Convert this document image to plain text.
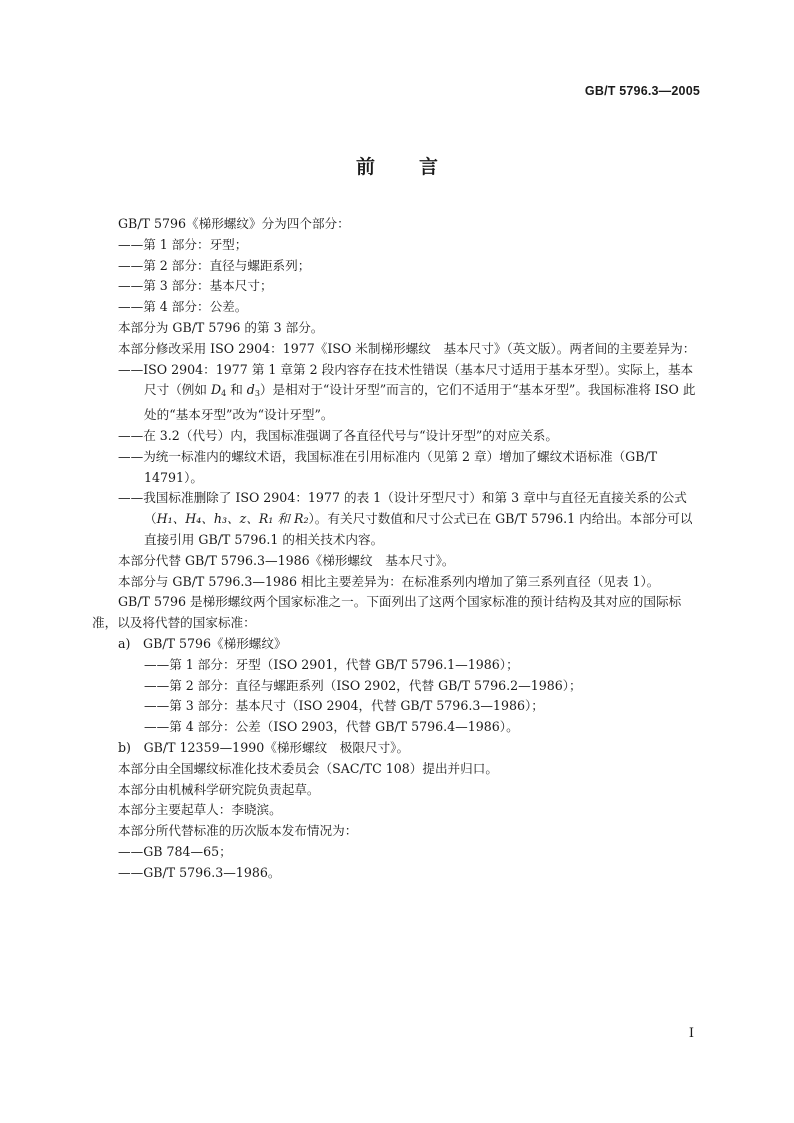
GB/T 5796.3—2005
前 言

GB/T 5796《梯形螺纹》分为四个部分：

——第 1 部分：牙型；

——第 2 部分：直径与螺距系列；

——第 3 部分：基本尺寸；

——第 4 部分：公差。

本部分为 GB/T 5796 的第 3 部分。

本部分修改采用 ISO 2904：1977《ISO 米制梯形螺纹　基本尺寸》（英文版）。两者间的主要差异为：

——ISO 2904：1977 第 1 章第 2 段内容存在技术性错误（基本尺寸适用于基本牙型）。实际上，基本尺寸（例如 $D_4$ 和 $d_3$）是相对于“设计牙型”而言的，它们不适用于“基本牙型”。我国标准将 ISO 此处的“基本牙型”改为“设计牙型”。

——在 3.2（代号）内，我国标准强调了各直径代号与“设计牙型”的对应关系。

——为统一标准内的螺纹术语，我国标准在引用标准内（见第 2 章）增加了螺纹术语标准（GB/T 14791）。

——我国标准删除了 ISO 2904：1977 的表 1（设计牙型尺寸）和第 3 章中与直径无直接关系的公式（H₁、H₄、h₃、z、R₁ 和 R₂）。有关尺寸数值和尺寸公式已在 GB/T 5796.1 内给出。本部分可以直接引用 GB/T 5796.1 的相关技术内容。

本部分代替 GB/T 5796.3—1986《梯形螺纹　基本尺寸》。

本部分与 GB/T 5796.3—1986 相比主要差异为：在标准系列内增加了第三系列直径（见表 1）。

GB/T 5796 是梯形螺纹两个国家标准之一。下面列出了这两个国家标准的预计结构及其对应的国际标准，以及将代替的国家标准：

a)　GB/T 5796《梯形螺纹》

——第 1 部分：牙型（ISO 2901，代替 GB/T 5796.1—1986）；

——第 2 部分：直径与螺距系列（ISO 2902，代替 GB/T 5796.2—1986）；

——第 3 部分：基本尺寸（ISO 2904，代替 GB/T 5796.3—1986）；

——第 4 部分：公差（ISO 2903，代替 GB/T 5796.4—1986）。

b)　GB/T 12359—1990《梯形螺纹　极限尺寸》。

本部分由全国螺纹标准化技术委员会（SAC/TC 108）提出并归口。

本部分由机械科学研究院负责起草。

本部分主要起草人：李晓滨。

本部分所代替标准的历次版本发布情况为：

——GB 784—65；

——GB/T 5796.3—1986。

I
